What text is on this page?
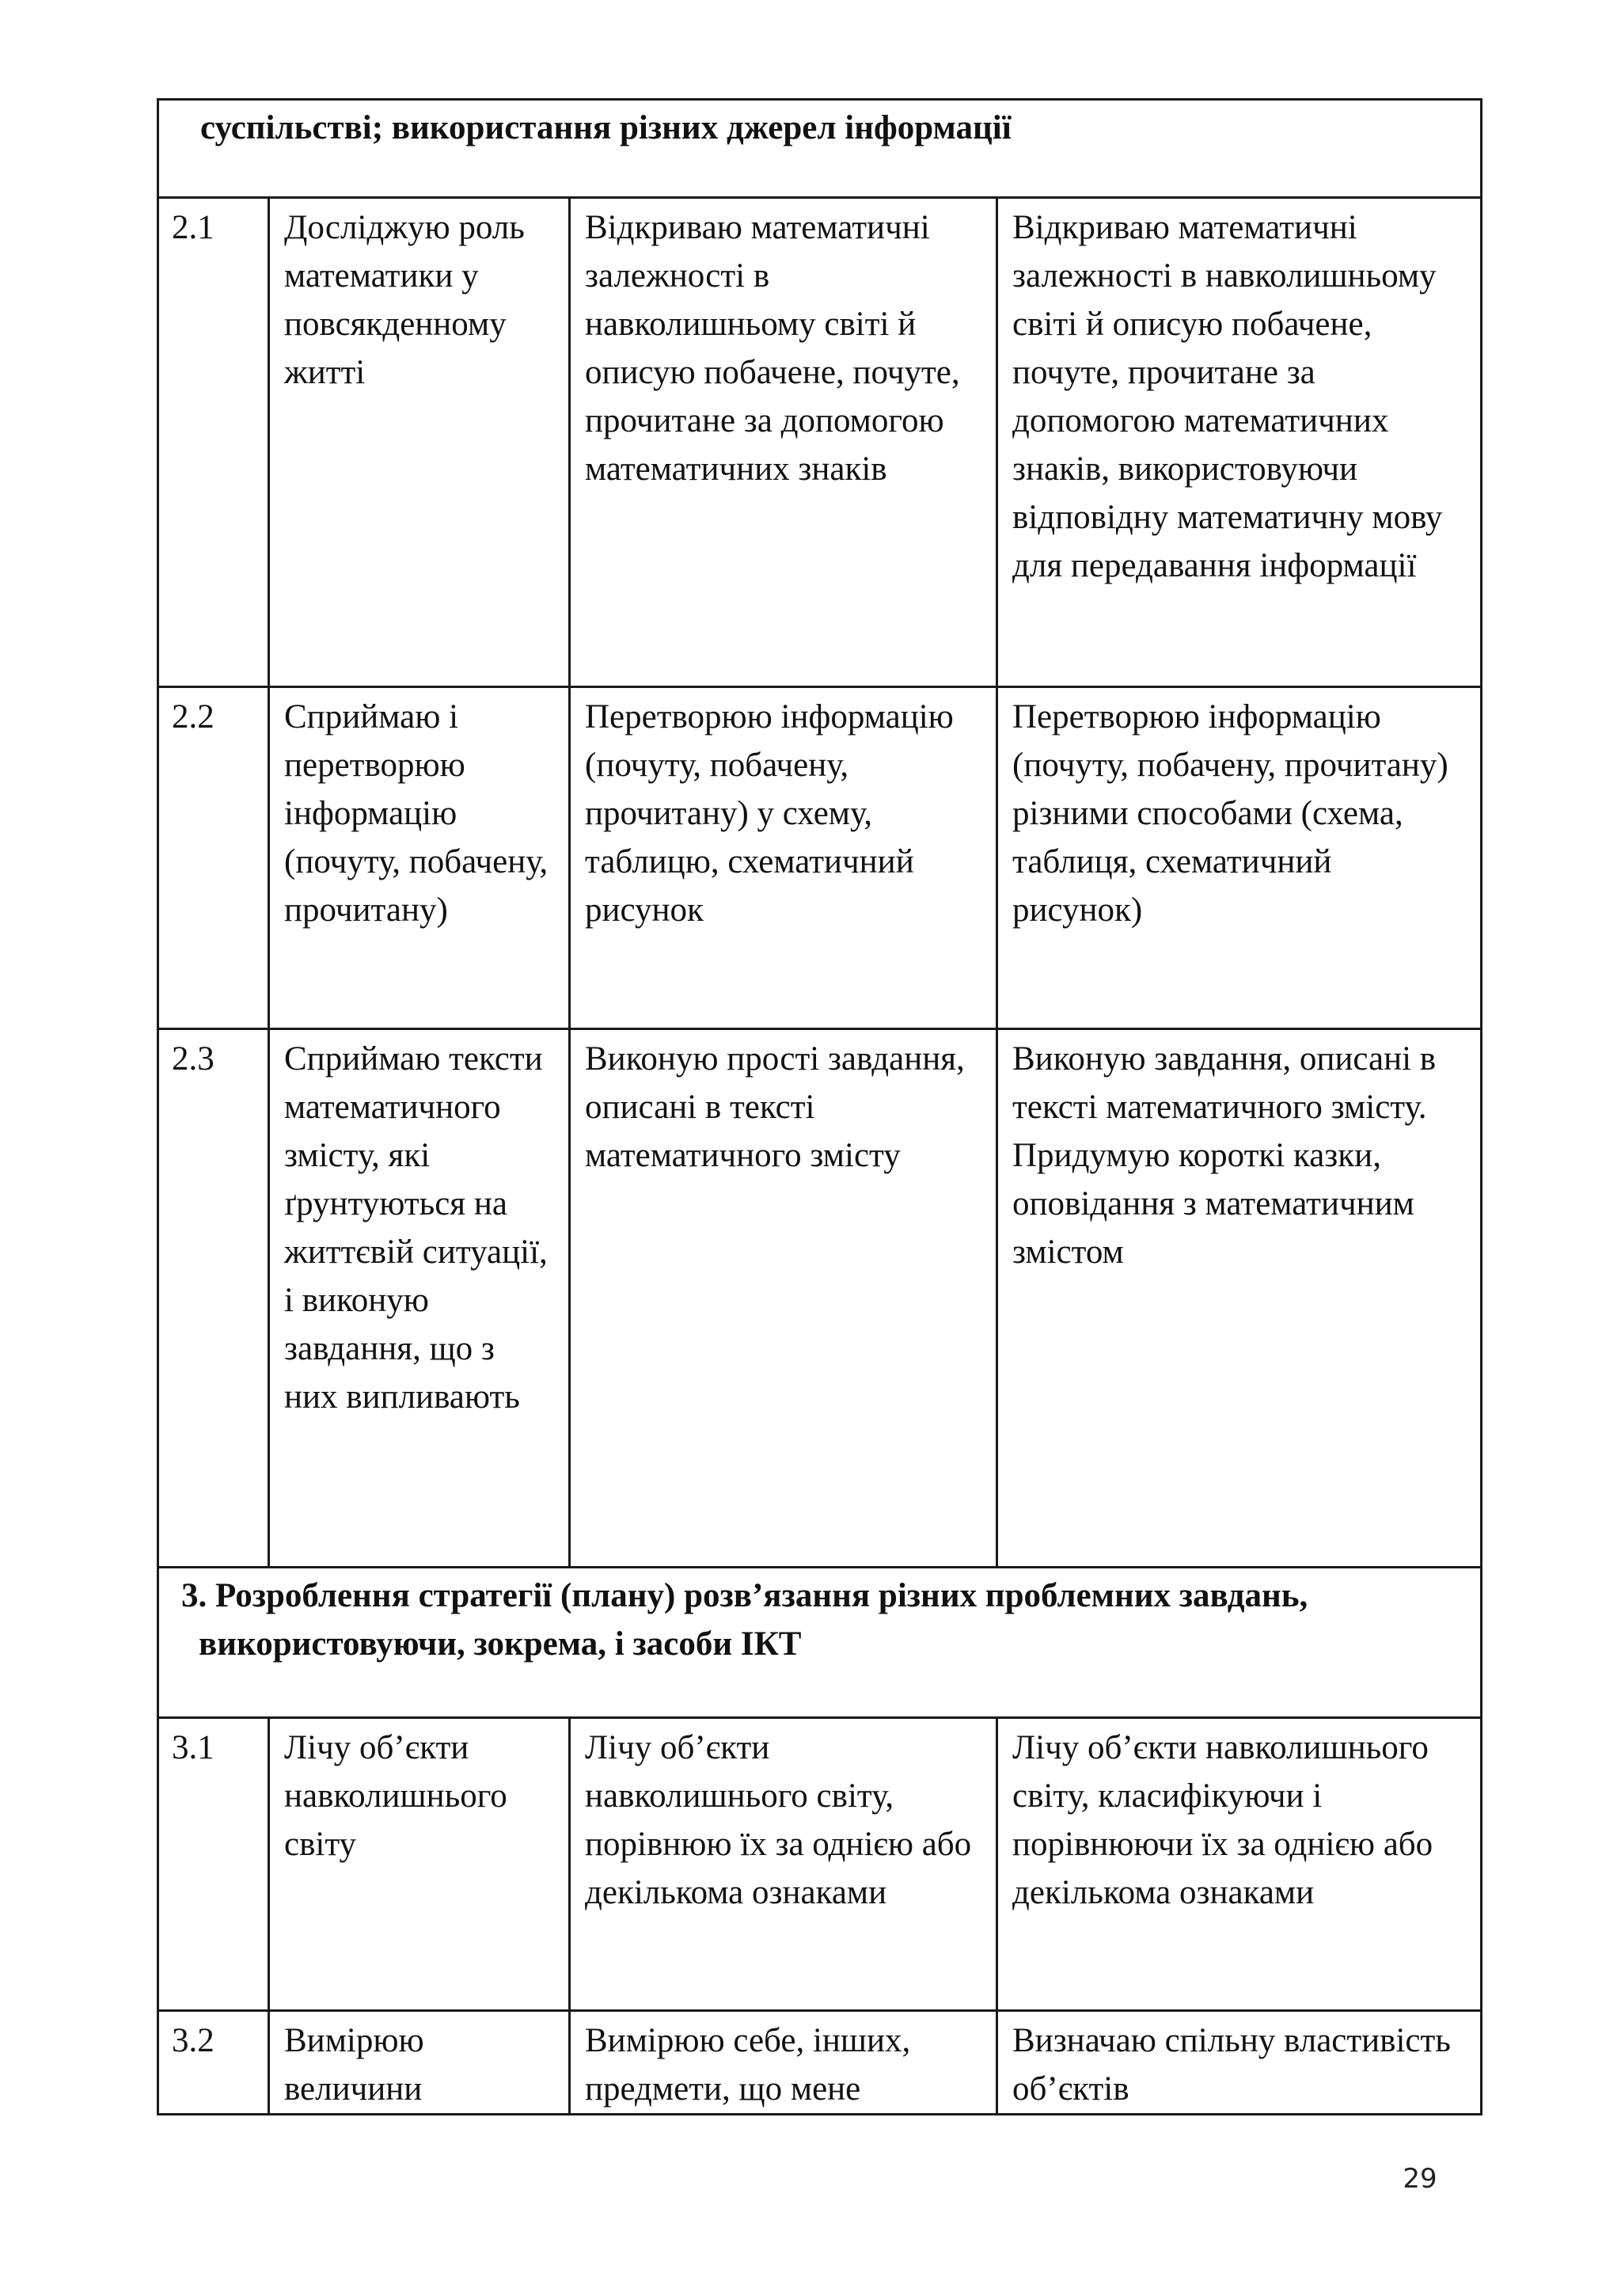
суспільстві; використання різних джерел інформації			
2.1	Досліджую роль математики у повсякденному житті	Відкриваю математичні залежності в навколишньому світі й описую побачене, почуте, прочитане за допомогою математичних знаків	Відкриваю математичні залежності в навколишньому світі й описую побачене, почуте, прочитане за допомогою математичних знаків, використовуючи відповідну математичну мову для передавання інформації
2.2	Сприймаю і перетворюю інформацію (почуту, побачену, прочитану)	Перетворюю інформацію (почуту, побачену, прочитану) у схему, таблицю, схематичний рисунок	Перетворюю інформацію (почуту, побачену, прочитану) різними способами (схема, таблиця, схематичний рисунок)
2.3	Сприймаю тексти математичного змісту, які ґрунтуються на життєвій ситуації, і виконую завдання, що з них випливають	Виконую прості завдання, описані в тексті математичного змісту	Виконую завдання, описані в тексті математичного змісту. Придумую короткі казки, оповідання з математичним змістом
3. Розроблення стратегії (плану) розв’язання різних проблемних завдань, використовуючи, зокрема, і засоби ІКТ			
3.1	Лічу об’єкти навколишнього світу	Лічу об’єкти навколишнього світу, порівнюю їх за однією або декількома ознаками	Лічу об’єкти навколишнього світу, класифікуючи і порівнюючи їх за однією або декількома ознаками
3.2	Вимірюю величини	Вимірюю себе, інших, предмети, що мене	Визначаю спільну властивість об’єктів
29
